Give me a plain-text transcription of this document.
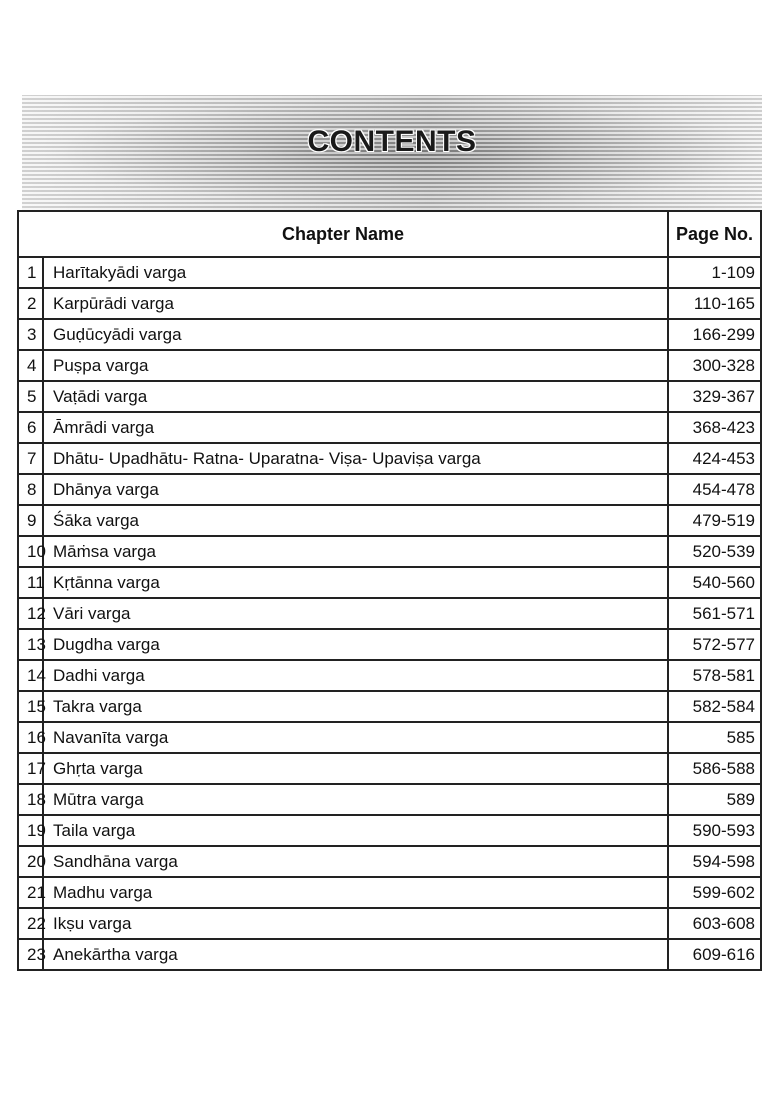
CONTENTS
Chapter Name		Page No.
1	Harītakyādi varga	1-109
2	Karpūrādi varga	110-165
3	Guḍūcyādi varga	166-299
4	Puṣpa varga	300-328
5	Vaṭādi varga	329-367
6	Āmrādi varga	368-423
7	Dhātu- Upadhātu- Ratna- Uparatna- Viṣa- Upaviṣa varga	424-453
8	Dhānya varga	454-478
9	Śāka varga	479-519
10	Māṁsa varga	520-539
11	Kṛtānna varga	540-560
12	Vāri varga	561-571
13	Dugdha varga	572-577
14	Dadhi varga	578-581
15	Takra varga	582-584
16	Navanīta varga	585
17	Ghṛta varga	586-588
18	Mūtra varga	589
19	Taila varga	590-593
20	Sandhāna varga	594-598
21	Madhu varga	599-602
22	Ikṣu varga	603-608
23	Anekārtha varga	609-616
